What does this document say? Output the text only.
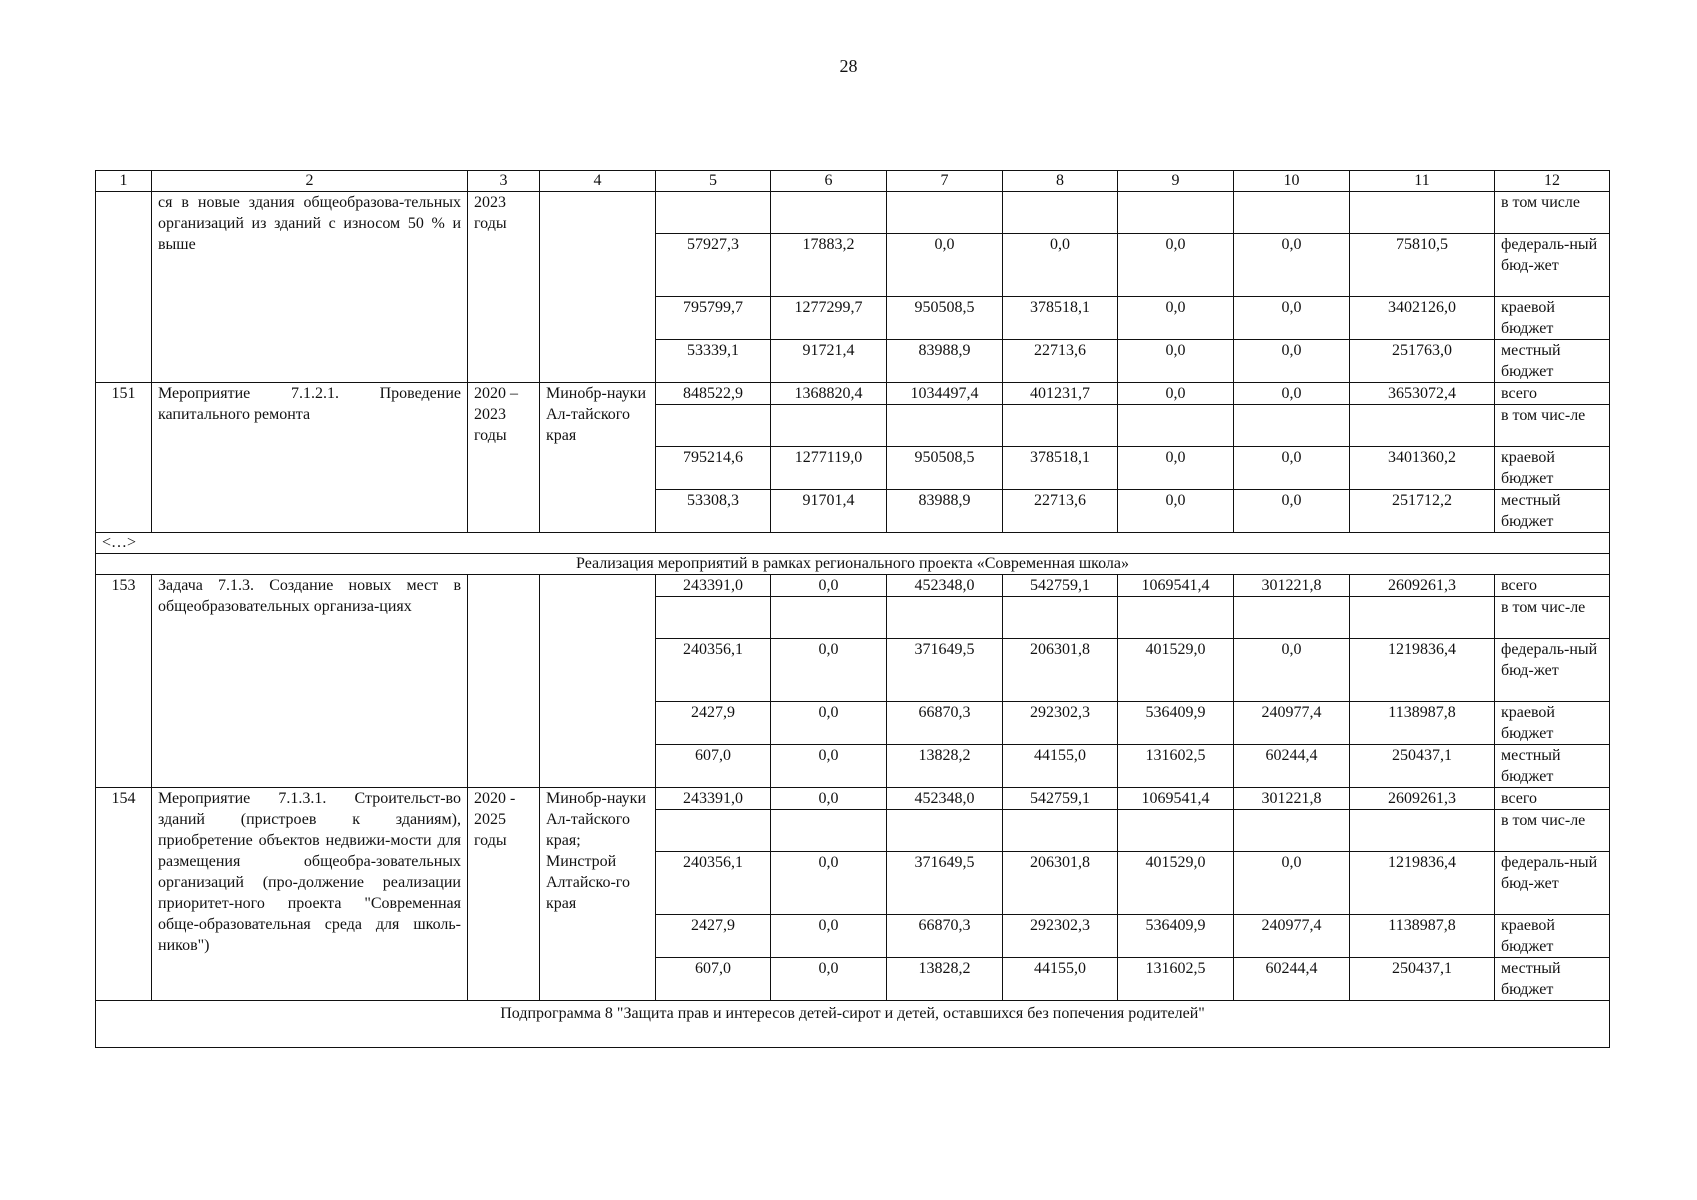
28
1	2	3	4	5	6	7	8	9	10	11	12
	ся в новые здания общеобразова-тельных организаций из зданий с износом 50 % и выше	2023 годы									в том числе
				57927,3	17883,2	0,0	0,0	0,0	0,0	75810,5	федераль-ный бюд-жет
				795799,7	1277299,7	950508,5	378518,1	0,0	0,0	3402126,0	краевой бюджет
				53339,1	91721,4	83988,9	22713,6	0,0	0,0	251763,0	местный бюджет
151	Мероприятие 7.1.2.1. Проведение капитального ремонта	2020 – 2023 годы	Минобр-науки Ал-тайского края	848522,9	1368820,4	1034497,4	401231,7	0,0	0,0	3653072,4	всего
											в том чис-ле
				795214,6	1277119,0	950508,5	378518,1	0,0	0,0	3401360,2	краевой бюджет
				53308,3	91701,4	83988,9	22713,6	0,0	0,0	251712,2	местный бюджет
<…>											
Реализация мероприятий в рамках регионального проекта «Современная школа»											
153	Задача 7.1.3. Создание новых мест в общеобразовательных организа-циях			243391,0	0,0	452348,0	542759,1	1069541,4	301221,8	2609261,3	всего
											в том чис-ле
				240356,1	0,0	371649,5	206301,8	401529,0	0,0	1219836,4	федераль-ный бюд-жет
				2427,9	0,0	66870,3	292302,3	536409,9	240977,4	1138987,8	краевой бюджет
				607,0	0,0	13828,2	44155,0	131602,5	60244,4	250437,1	местный бюджет
154	Мероприятие 7.1.3.1. Строительст-во зданий (пристроев к зданиям), приобретение объектов недвижи-мости для размещения общеобра-зовательных организаций (про-должение реализации приоритет-ного проекта "Современная обще-образовательная среда для школь-ников")	2020 - 2025 годы	Минобр-науки Ал-тайского края; Минстрой Алтайско-го края	243391,0	0,0	452348,0	542759,1	1069541,4	301221,8	2609261,3	всего
											в том чис-ле
				240356,1	0,0	371649,5	206301,8	401529,0	0,0	1219836,4	федераль-ный бюд-жет
				2427,9	0,0	66870,3	292302,3	536409,9	240977,4	1138987,8	краевой бюджет
				607,0	0,0	13828,2	44155,0	131602,5	60244,4	250437,1	местный бюджет
Подпрограмма 8 "Защита прав и интересов детей-сирот и детей, оставшихся без попечения родителей"											
